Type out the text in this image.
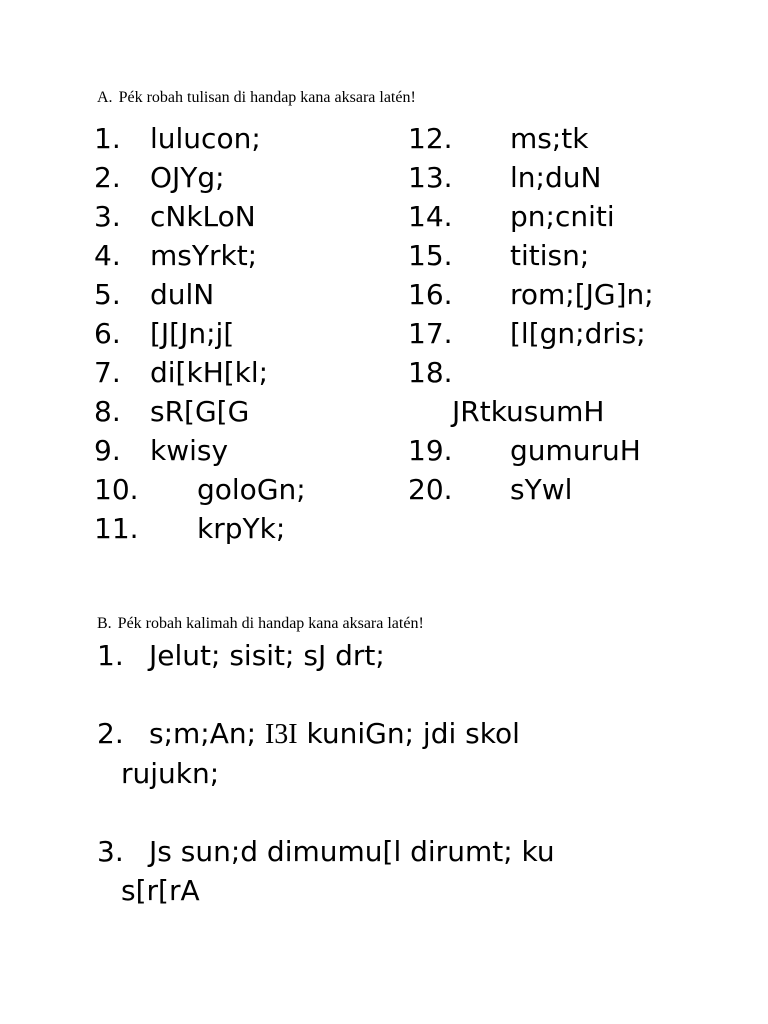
A. Pék robah tulisan di handap kana aksara latén!
1. lulucon;
2. OJYg;
3. cNkLoN
4. msYrkt;
5. dulN
6. [J[Jn;j[
7. di[kH[kl;
8. sR[G[G
9. kwisy
10. goloGn;
11. krpYk;
12. ms;tk
13. ln;duN
14. pn;cniti
15. titisn;
16. rom;[JG]n;
17. [l[gn;dris;
18.
JRtkusumH
19. gumuruH
20. sYwl
B. Pék robah kalimah di handap kana aksara latén!
1. Jelut; sisit; sJ drt;
2. s;m;An; I3I kuniGn; jdi skol
rujukn;
3. Js sun;d dimumu[l dirumt; ku
s[r[rA
